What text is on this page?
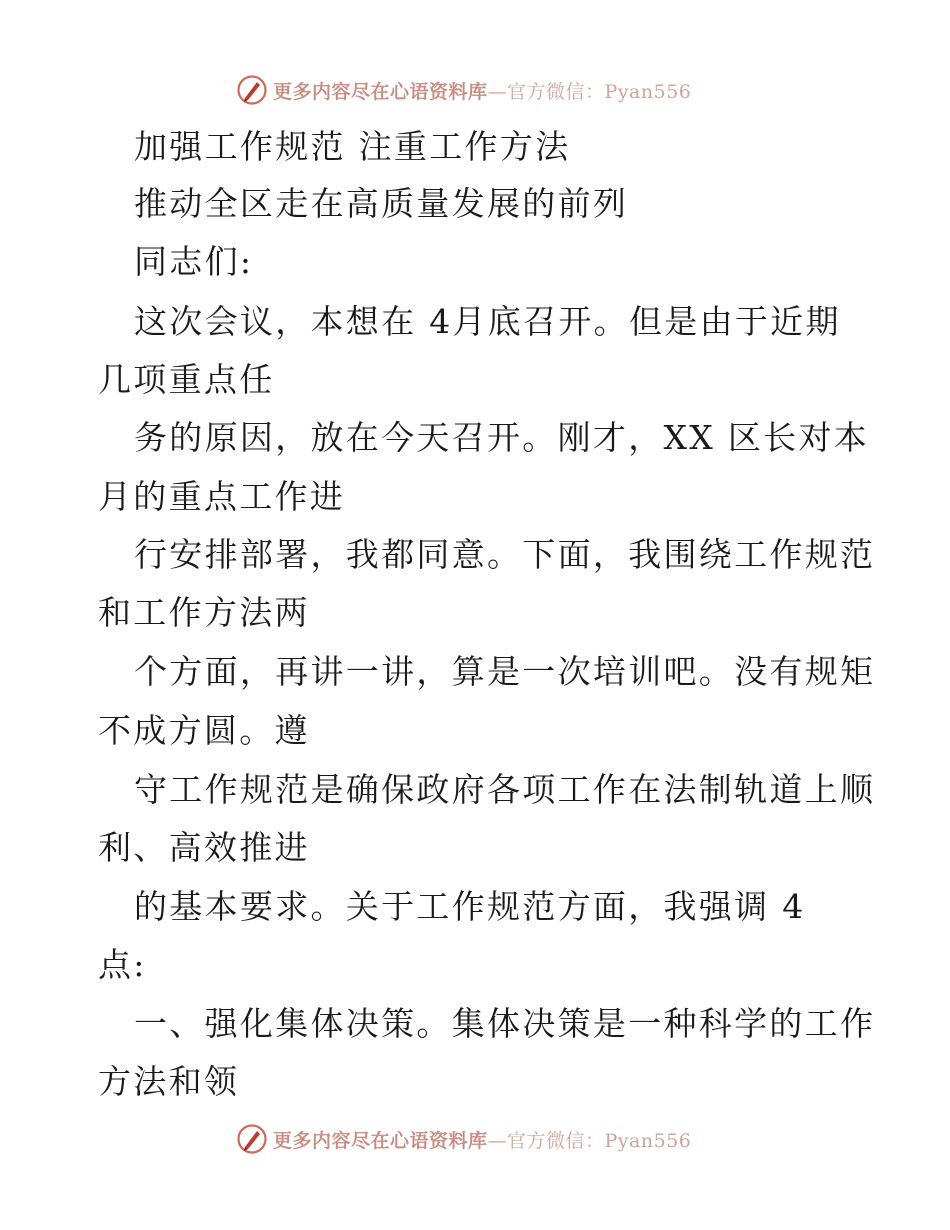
更多内容尽在心语资料库—官方微信：Pyan556
加强工作规范 注重工作方法
推动全区走在高质量发展的前列
同志们:
这次会议，本想在 4月底召开。但是由于近期
几项重点任
务的原因，放在今天召开。刚才，XX 区长对本
月的重点工作进
行安排部署，我都同意。下面，我围绕工作规范
和工作方法两
个方面，再讲一讲，算是一次培训吧。没有规矩
不成方圆。遵
守工作规范是确保政府各项工作在法制轨道上顺
利、高效推进
的基本要求。关于工作规范方面，我强调 4
点:
一、强化集体决策。集体决策是一种科学的工作
方法和领
更多内容尽在心语资料库—官方微信：Pyan556
